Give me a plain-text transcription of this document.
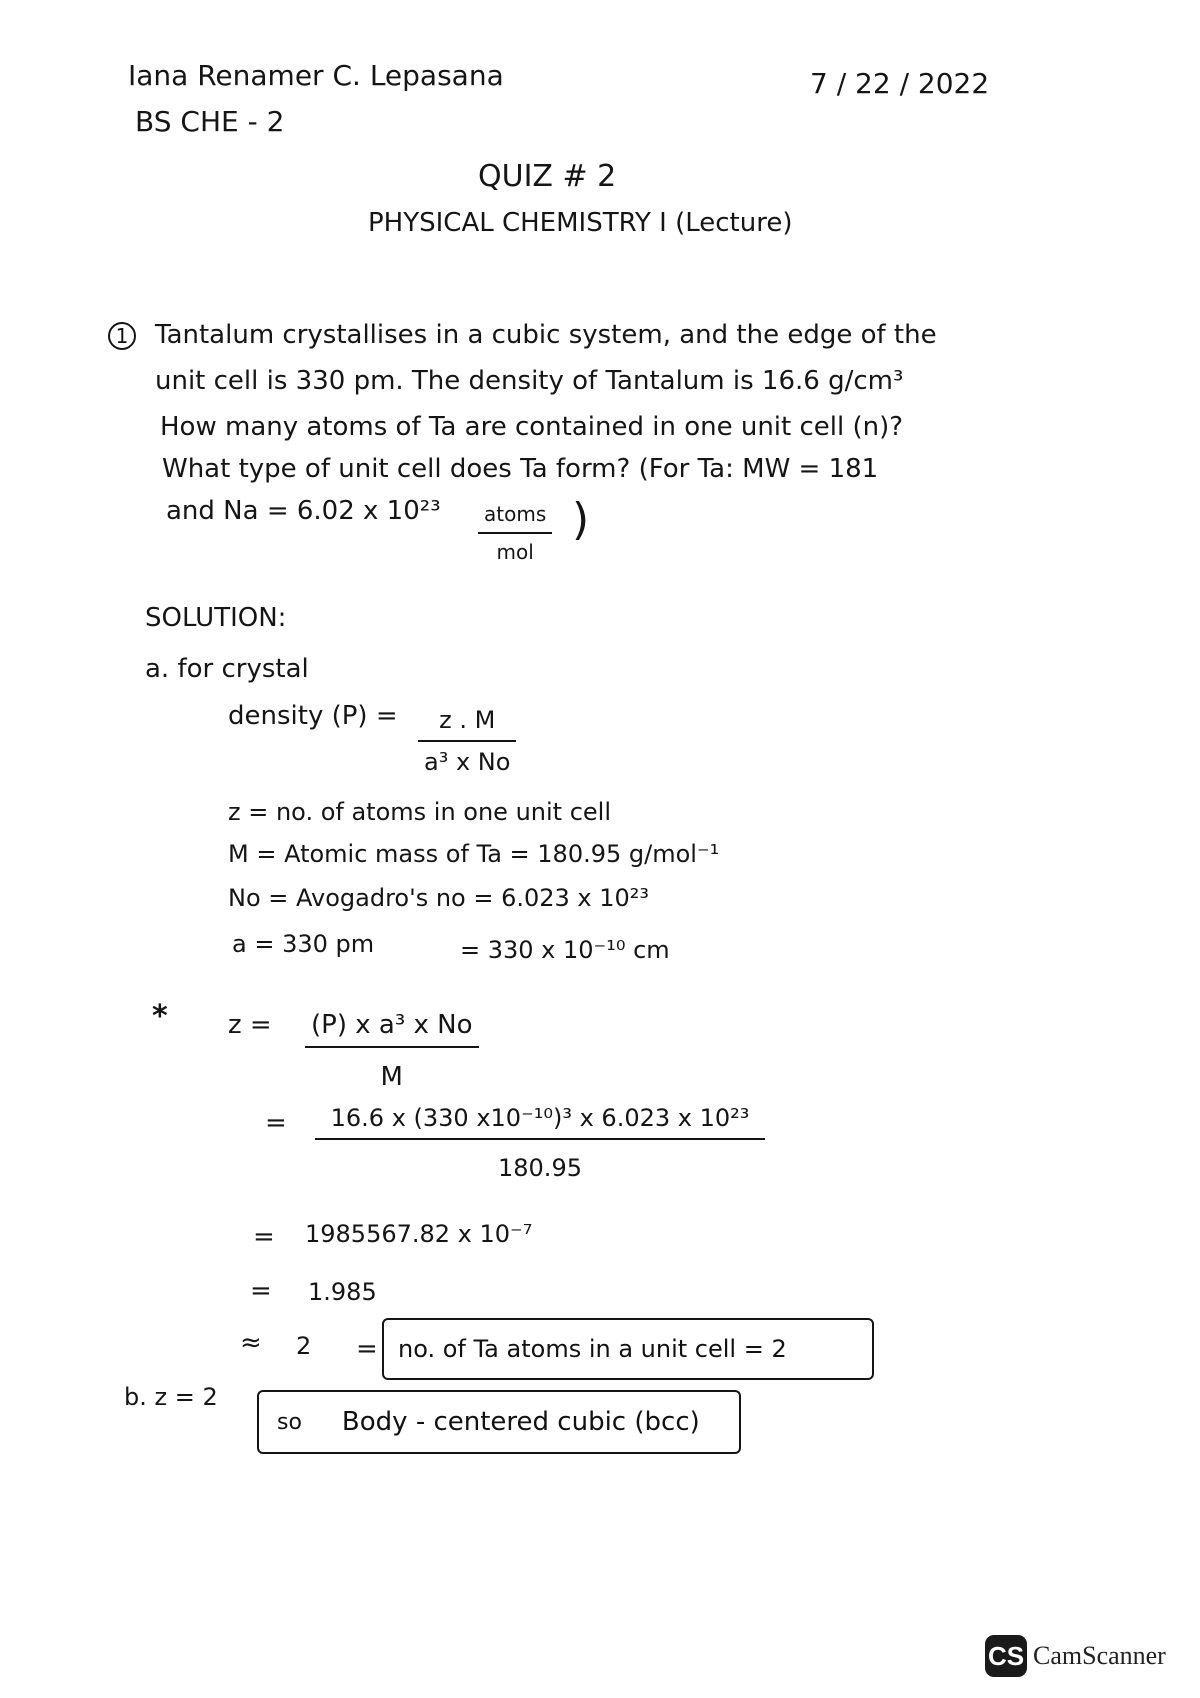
Iana Renamer C. Lepasana
BS CHE - 2
7 / 22 / 2022
QUIZ # 2
PHYSICAL CHEMISTRY I (Lecture)
1 Tantalum crystallises in a cubic system, and the edge of the
unit cell is 330 pm. The density of Tantalum is 16.6 g/cm³
How many atoms of Ta are contained in one unit cell (n)?
What type of unit cell does Ta form? (For Ta: MW = 181
and Na = 6.02 x 10²³	atoms
mol
)
SOLUTION:
a. for crystal
density (P) = z . M
a³ x No
z = no. of atoms in one unit cell
M = Atomic mass of Ta = 180.95 g/mol⁻¹
No = Avogadro's no = 6.023 x 10²³
a = 330 pm	= 330 x 10⁻¹⁰ cm
* z = (P) x a³ x No
M
= 16.6 x (330 x10⁻¹⁰)³ x 6.023 x 10²³
180.95
= 1985567.82 x 10⁻⁷
= 1.985
≈ 2 = no. of Ta atoms in a unit cell = 2
b. z = 2
so Body - centered cubic (bcc)
CS CamScanner
